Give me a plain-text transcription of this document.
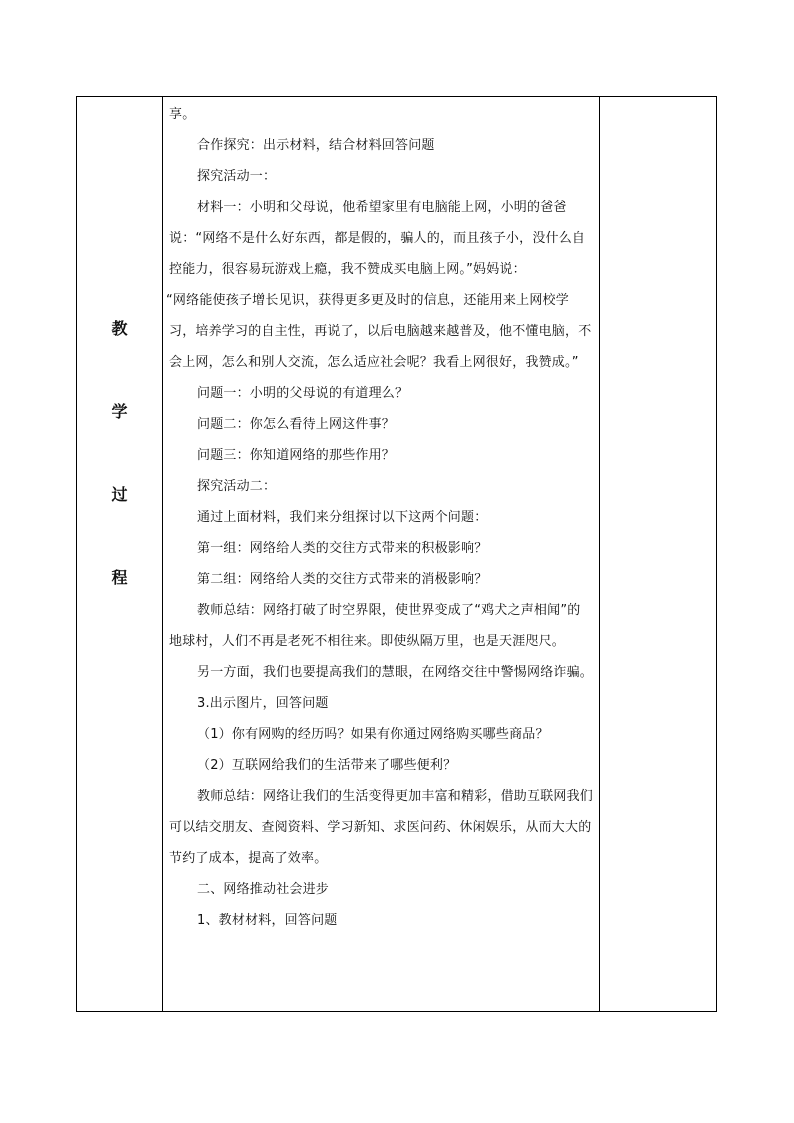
教
学
过
程

享。

合作探究：出示材料，结合材料回答问题

探究活动一：

材料一：小明和父母说，他希望家里有电脑能上网，小明的爸爸说：“网络不是什么好东西，都是假的，骗人的，而且孩子小，没什么自控能力，很容易玩游戏上瘾，我不赞成买电脑上网。”妈妈说：

“网络能使孩子增长见识，获得更多更及时的信息，还能用来上网校学习，培养学习的自主性，再说了，以后电脑越来越普及，他不懂电脑，不会上网，怎么和别人交流，怎么适应社会呢？我看上网很好，我赞成。”

问题一：小明的父母说的有道理么？

问题二：你怎么看待上网这件事？

问题三：你知道网络的那些作用？

探究活动二：

通过上面材料，我们来分组探讨以下这两个问题：

第一组：网络给人类的交往方式带来的积极影响？

第二组：网络给人类的交往方式带来的消极影响？

教师总结：网络打破了时空界限，使世界变成了“鸡犬之声相闻”的地球村，人们不再是老死不相往来。即使纵隔万里，也是天涯咫尺。

另一方面，我们也要提高我们的慧眼，在网络交往中警惕网络诈骗。

3.出示图片，回答问题

（1）你有网购的经历吗？如果有你通过网络购买哪些商品？

（2）互联网给我们的生活带来了哪些便利？

教师总结：网络让我们的生活变得更加丰富和精彩，借助互联网我们可以结交朋友、查阅资料、学习新知、求医问药、休闲娱乐，从而大大的节约了成本，提高了效率。

二、网络推动社会进步

1、教材材料，回答问题
